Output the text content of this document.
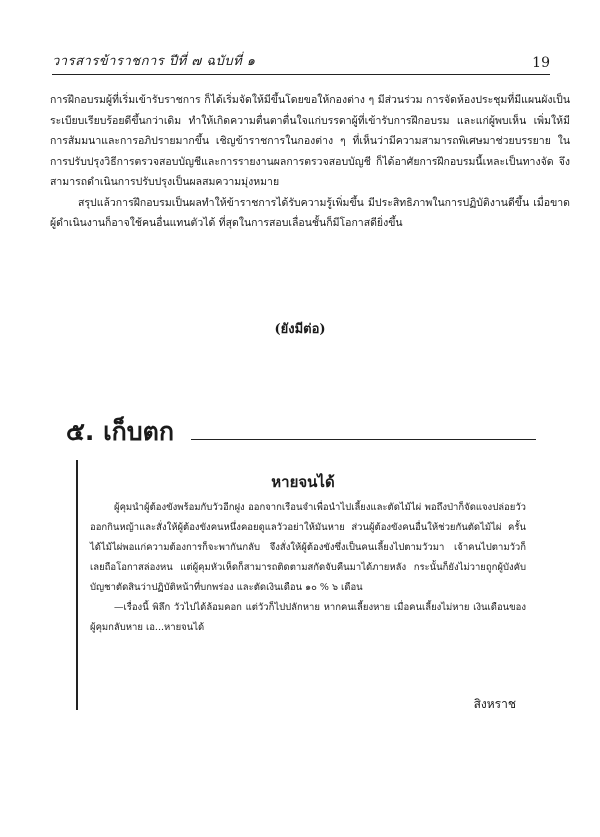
วารสารข้าราชการ ปีที่ ๗ ฉบับที่ ๑	19

การฝึกอบรมผู้ที่เริ่มเข้ารับราชการ ก็ได้เริ่มจัดให้มีขึ้นโดยขอให้กองต่าง ๆ มีส่วนร่วม การจัดห้องประชุมที่มีแผนผังเป็นระเบียบเรียบร้อยดีขึ้นกว่าเดิม ทำให้เกิดความตื่นตาตื่นใจแก่บรรดาผู้ที่เข้ารับการฝึกอบรม และแก่ผู้พบเห็น เพิ่มให้มีการสัมมนาและการอภิปรายมากขึ้น เชิญข้าราชการในกองต่าง ๆ ที่เห็นว่ามีความสามารถพิเศษมาช่วยบรรยาย ในการปรับปรุงวิธีการตรวจสอบบัญชีและการรายงานผลการตรวจสอบบัญชี ก็ได้อาศัยการฝึกอบรมนี้เหละเป็นทางจัด จึงสามารถดำเนินการปรับปรุงเป็นผลสมความมุ่งหมาย

สรุปแล้วการฝึกอบรมเป็นผลทำให้ข้าราชการได้รับความรู้เพิ่มขึ้น มีประสิทธิภาพในการปฏิบัติงานดีขึ้น เมื่อขาดผู้ดำเนินงานก็อาจใช้คนอื่นแทนตัวได้ ที่สุดในการสอบเลื่อนชั้นก็มีโอกาสดียิ่งขึ้น

(ยังมีต่อ)
๕. เก็บตก
หายจนได้

ผู้คุมนำผู้ต้องขังพร้อมกับวัวอีกฝูง ออกจากเรือนจำเพื่อนำไปเลี้ยงและตัดไม้ไผ่ พอถึงป่าก็จัดแจงปล่อยวัวออกกินหญ้าและสั่งให้ผู้ต้องขังคนหนึ่งคอยดูแลวัวอย่าให้มันหาย ส่วนผู้ต้องขังคนอื่นให้ช่วยกันตัดไม้ไผ่ ครั้นได้ไม้ไผ่พอแก่ความต้องการก็จะพากันกลับ จึงสั่งให้ผู้ต้องขังซึ่งเป็นคนเลี้ยงไปตามวัวมา เจ้าคนไปตามวัวก็เลยถือโอกาสล่องหน แต่ผู้คุมหัวเห็ดก็สามารถติดตามสกัดจับคืนมาได้ภายหลัง กระนั้นก็ยังไม่วายถูกผู้บังคับบัญชาตัดสินว่าปฏิบัติหน้าที่บกพร่อง และตัดเงินเดือน ๑๐ % ๖ เดือน

—เรื่องนี้ พิลึก วัวไปได้ล้อมคอก แต่วัวก็ไปปลักหาย หากคนเลี้ยงหาย เมื่อคนเลี้ยงไม่หาย เงินเดือนของผู้คุมกลับหาย เอ...หายจนได้

สิงหราช
